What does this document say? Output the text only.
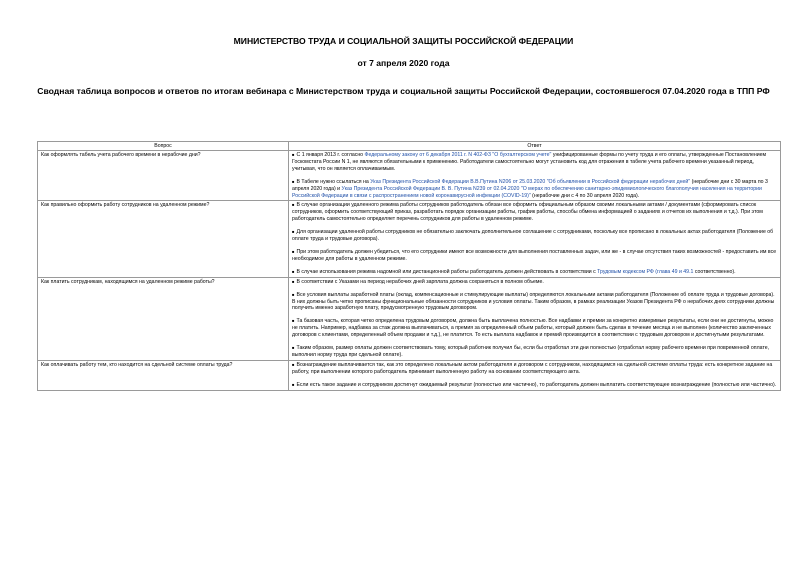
МИНИСТЕРСТВО ТРУДА И СОЦИАЛЬНОЙ ЗАЩИТЫ РОССИЙСКОЙ ФЕДЕРАЦИИ
от 7 апреля 2020 года
Сводная таблица вопросов и ответов по итогам вебинара с Министерством труда и социальной защиты Российской Федерации, состоявшегося 07.04.2020 года в ТПП РФ
Вопрос	Ответ

Как оформлять табель учета рабочего времени в нерабочие дни?	■ С 1 января 2013 г. согласно Федеральному закону от 6 декабря 2011 г. N 402-ФЗ "О бухгалтерском учете" унифицированные формы по учету труда и его оплаты, утвержденные Постановлением Госкомстата России N 1, не являются обязательными к применению. Работодатели самостоятельно могут установить код для отражения в табеле учета рабочего времени указанный период, учитывая, что он является оплачиваемым.
■ В Табеле нужно ссылаться на Указ Президента Российской Федерации В.В.Путина N206 от 25.03.2020 "Об объявлении в Российской федерации нерабочих дней" (нерабочие дни с 30 марта по 3 апреля 2020 года) и Указ Президента Российской Федерации В. В. Путина N239 от 02.04.2020 "О мерах по обеспечению санитарно-эпидемиологического благополучия населения на территории Российской Федерации в связи с распространением новой коронавирусной инфекции (COVID-19)" (нерабочие дни с 4 по 30 апреля 2020 года).

Как правильно оформить работу сотрудников на удаленном режиме?	■ В случае организации удаленного режима работы сотрудников работодатель обязан все оформить официальным образом своими локальными актами / документами (сформировать список сотрудников, оформить соответствующий приказ, разработать порядок организации работы, график работы, способы обмена информацией о заданиях и отчетов их выполнения и т.д.). При этом работодатель самостоятельно определяет перечень сотрудников для работы в удаленном режиме.
■ Для организации удаленной работы сотрудников не обязательно заключать дополнительное соглашение с сотрудниками, поскольку все прописано в локальных актах работодателя (Положение об оплате труда и трудовые договора).
■ При этом работодатель должен убедиться, что его сотрудники имеют все возможности для выполнения поставленных задач, или же - в случае отсутствия таких возможностей - предоставить им все необходимое для работы в удаленном режиме.
■ В случае использования режима надомной или дистанционной работы работодатель должен действовать в соответствии с Трудовым кодексом РФ (глава 49 и 49.1 соответственно).

Как платить сотрудникам, находящимся на удаленном режиме работы?	■ В соответствии с Указами на период нерабочих дней зарплата должна сохраняться в полном объеме.
■ Все условия выплаты заработной платы (оклад, компенсационные и стимулирующие выплаты) определяются локальными актами работодателя (Положение об оплате труда и трудовые договора). В них должны быть четко прописаны функциональные обязанности сотрудников и условия оплаты. Таким образом, в рамках реализации Указов Президента РФ о нерабочих днях сотрудники должны получить именно заработную плату, предусмотренную трудовым договором.
■ Та базовая часть, которая четко определена трудовым договором, должна быть выплачена полностью. Все надбавки и премии за конкретно измеримые результаты, если они не достигнуты, можно не платить. Например, надбавка за стаж должна выплачиваться, а премия за определенный объем работы, который должен быть сделан в течение месяца и не выполнен (количество заключенных договоров с клиентами, определенный объем продажи и т.д.), не платится. То есть выплата надбавок и премий производится в соответствии с трудовым договором и достигнутыми результатами.
■ Таким образом, размер оплаты должен соответствовать тому, который работник получил бы, если бы отработал эти дни полностью (отработал норму рабочего времени при повременной оплате, выполнил норму труда при сдельной оплате).

Как оплачивать работу тем, кто находится на сдельной системе оплаты труда?	■ Вознаграждение выплачивается так, как это определено локальным актом работодателя и договором с сотрудником, находящимся на сдельной системе оплаты труда: есть конкретное задание на работу, при выполнении которого работодатель принимает выполненную работу на основании соответствующего акта.
■ Если есть такое задание и сотрудником достигнут ожидаемый результат (полностью или частично), то работодатель должен выплатить соответствующее вознаграждение (полностью или частично).
